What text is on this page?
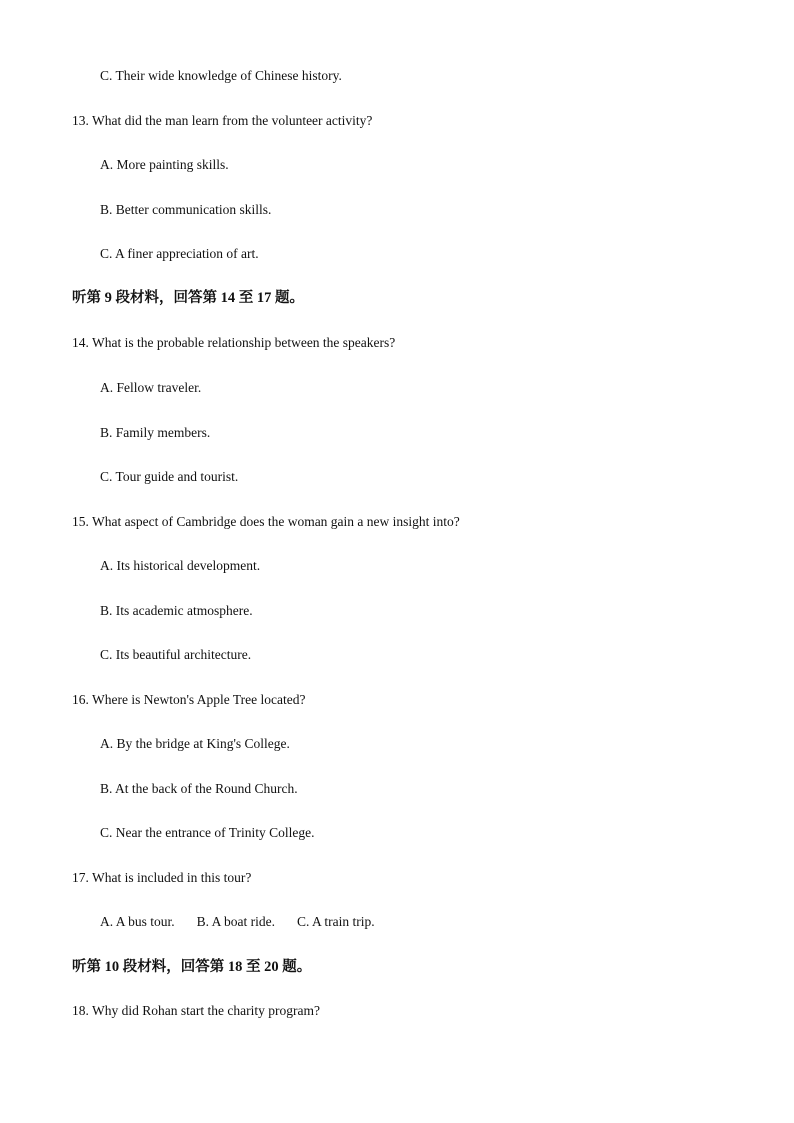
C. Their wide knowledge of Chinese history.
13. What did the man learn from the volunteer activity?
A. More painting skills.
B. Better communication skills.
C. A finer appreciation of art.
听第 9 段材料，回答第 14 至 17 题。
14. What is the probable relationship between the speakers?
A. Fellow traveler.
B. Family members.
C. Tour guide and tourist.
15. What aspect of Cambridge does the woman gain a new insight into?
A. Its historical development.
B. Its academic atmosphere.
C. Its beautiful architecture.
16. Where is Newton's Apple Tree located?
A. By the bridge at King's College.
B. At the back of the Round Church.
C. Near the entrance of Trinity College.
17. What is included in this tour?
A. A bus tour. B. A boat ride. C. A train trip.
听第 10 段材料，回答第 18 至 20 题。
18. Why did Rohan start the charity program?
